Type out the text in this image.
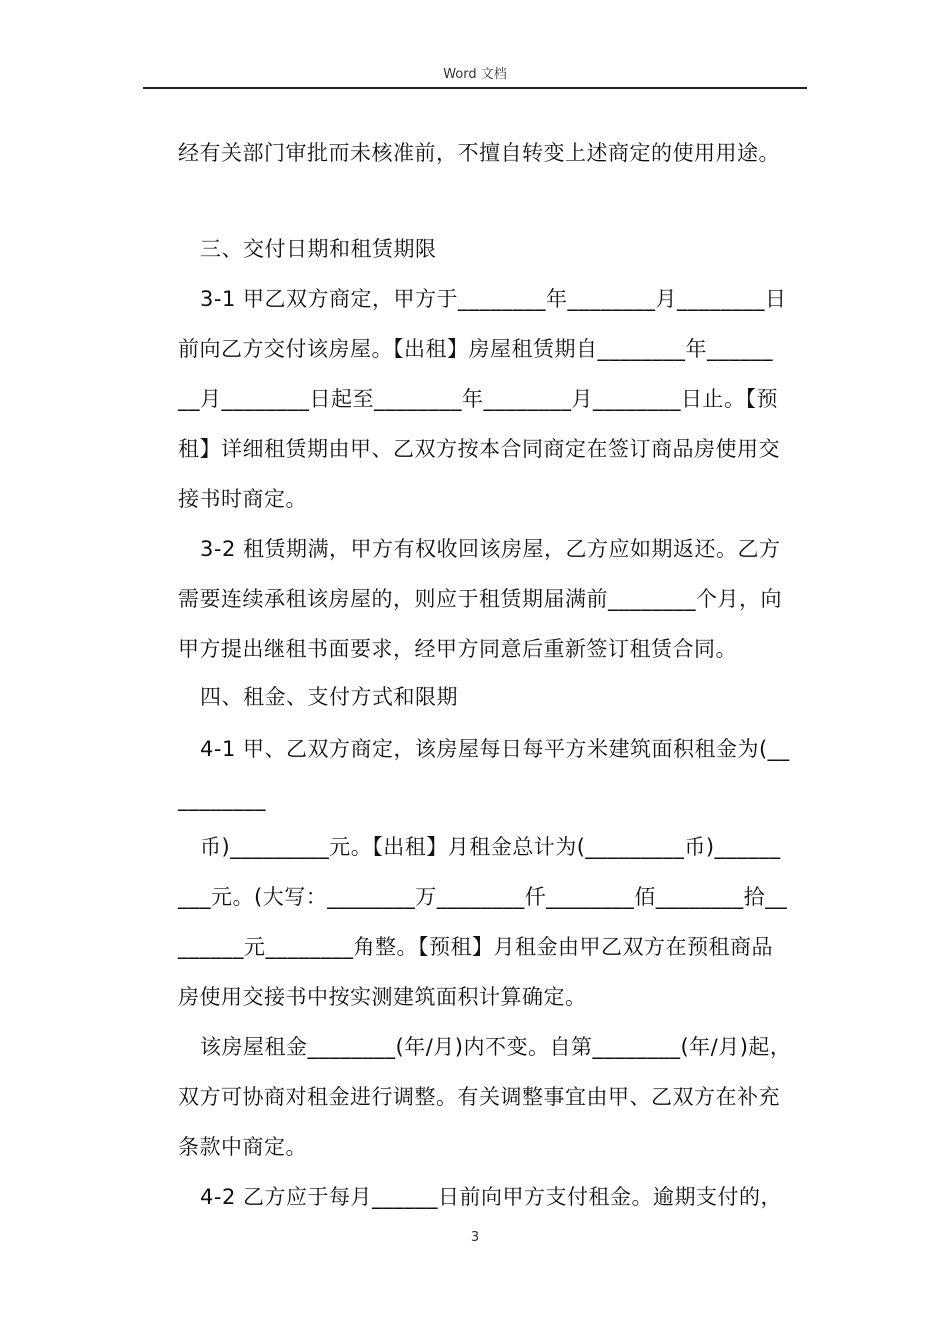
Word 文档
经有关部门审批而未核准前，不擅自转变上述商定的使用用途。
三、交付日期和租赁期限
3-1 甲乙双方商定，甲方于________年________月________日
前向乙方交付该房屋。【出租】房屋租赁期自________年______
__月________日起至________年________月________日止。【预
租】详细租赁期由甲、乙双方按本合同商定在签订商品房使用交
接书时商定。
3-2 租赁期满，甲方有权收回该房屋，乙方应如期返还。乙方
需要连续承租该房屋的，则应于租赁期届满前________个月，向
甲方提出继租书面要求，经甲方同意后重新签订租赁合同。
四、租金、支付方式和限期
4-1 甲、乙双方商定，该房屋每日每平方米建筑面积租金为(__
________
币)_________元。【出租】月租金总计为(_________币)______
___元。(大写：________万________仟________佰________拾__
______元________角整。【预租】月租金由甲乙双方在预租商品
房使用交接书中按实测建筑面积计算确定。
该房屋租金________(年/月)内不变。自第________(年/月)起，
双方可协商对租金进行调整。有关调整事宜由甲、乙双方在补充
条款中商定。
4-2 乙方应于每月______日前向甲方支付租金。逾期支付的，
3
